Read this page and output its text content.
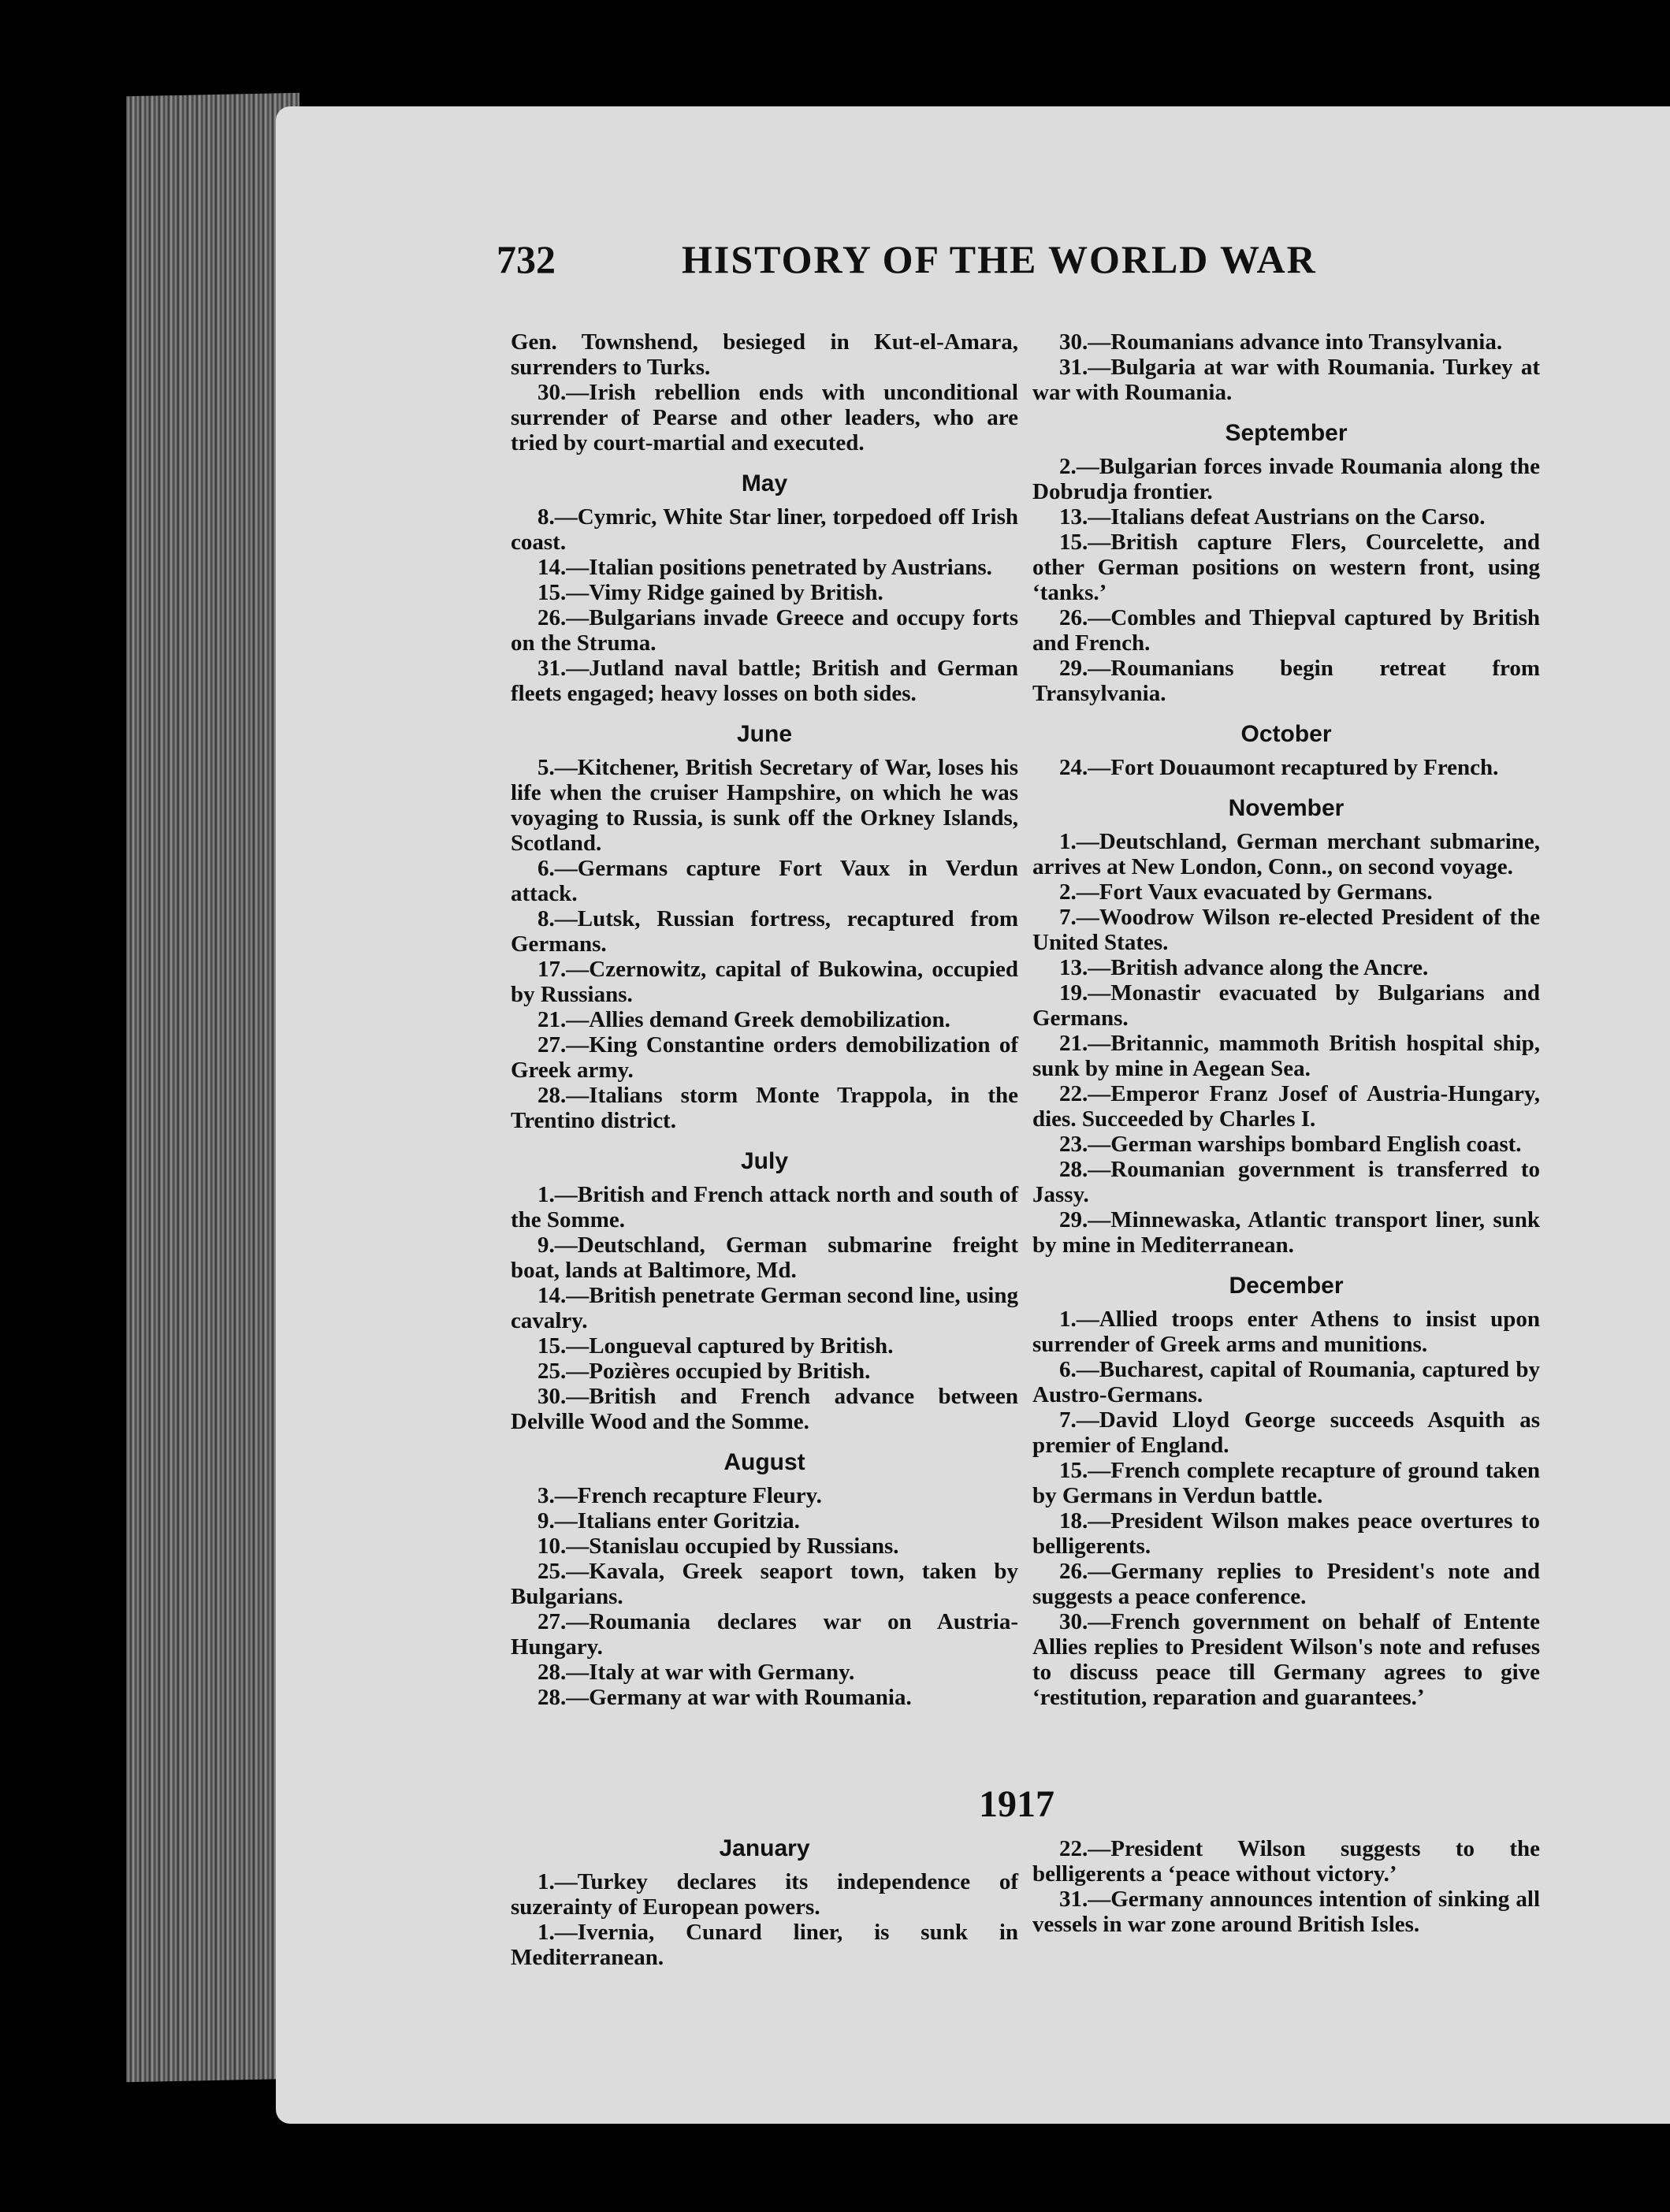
732	HISTORY OF THE WORLD WAR

Gen. Townshend, besieged in Kut-el-Amara, surrenders to Turks.

30.—Irish rebellion ends with unconditional surrender of Pearse and other leaders, who are tried by court-martial and executed.

May

8.—Cymric, White Star liner, torpedoed off Irish coast.

14.—Italian positions penetrated by Austrians.

15.—Vimy Ridge gained by British.

26.—Bulgarians invade Greece and occupy forts on the Struma.

31.—Jutland naval battle; British and German fleets engaged; heavy losses on both sides.

June

5.—Kitchener, British Secretary of War, loses his life when the cruiser Hampshire, on which he was voyaging to Russia, is sunk off the Orkney Islands, Scotland.

6.—Germans capture Fort Vaux in Verdun attack.

8.—Lutsk, Russian fortress, recaptured from Germans.

17.—Czernowitz, capital of Bukowina, occupied by Russians.

21.—Allies demand Greek demobilization.

27.—King Constantine orders demobilization of Greek army.

28.—Italians storm Monte Trappola, in the Trentino district.

July

1.—British and French attack north and south of the Somme.

9.—Deutschland, German submarine freight boat, lands at Baltimore, Md.

14.—British penetrate German second line, using cavalry.

15.—Longueval captured by British.

25.—Pozières occupied by British.

30.—British and French advance between Delville Wood and the Somme.

August

3.—French recapture Fleury.

9.—Italians enter Goritzia.

10.—Stanislau occupied by Russians.

25.—Kavala, Greek seaport town, taken by Bulgarians.

27.—Roumania declares war on Austria-Hungary.

28.—Italy at war with Germany.

28.—Germany at war with Roumania.

30.—Roumanians advance into Transylvania.

31.—Bulgaria at war with Roumania. Turkey at war with Roumania.

September

2.—Bulgarian forces invade Roumania along the Dobrudja frontier.

13.—Italians defeat Austrians on the Carso.

15.—British capture Flers, Courcelette, and other German positions on western front, using ‘tanks.’

26.—Combles and Thiepval captured by British and French.

29.—Roumanians begin retreat from Transylvania.

October

24.—Fort Douaumont recaptured by French.

November

1.—Deutschland, German merchant submarine, arrives at New London, Conn., on second voyage.

2.—Fort Vaux evacuated by Germans.

7.—Woodrow Wilson re-elected President of the United States.

13.—British advance along the Ancre.

19.—Monastir evacuated by Bulgarians and Germans.

21.—Britannic, mammoth British hospital ship, sunk by mine in Aegean Sea.

22.—Emperor Franz Josef of Austria-Hungary, dies. Succeeded by Charles I.

23.—German warships bombard English coast.

28.—Roumanian government is transferred to Jassy.

29.—Minnewaska, Atlantic transport liner, sunk by mine in Mediterranean.

December

1.—Allied troops enter Athens to insist upon surrender of Greek arms and munitions.

6.—Bucharest, capital of Roumania, captured by Austro-Germans.

7.—David Lloyd George succeeds Asquith as premier of England.

15.—French complete recapture of ground taken by Germans in Verdun battle.

18.—President Wilson makes peace overtures to belligerents.

26.—Germany replies to President's note and suggests a peace conference.

30.—French government on behalf of Entente Allies replies to President Wilson's note and refuses to discuss peace till Germany agrees to give ‘restitution, reparation and guarantees.’

1917
January

1.—Turkey declares its independence of suzerainty of European powers.

1.—Ivernia, Cunard liner, is sunk in Mediterranean.

22.—President Wilson suggests to the belligerents a ‘peace without victory.’

31.—Germany announces intention of sinking all vessels in war zone around British Isles.
